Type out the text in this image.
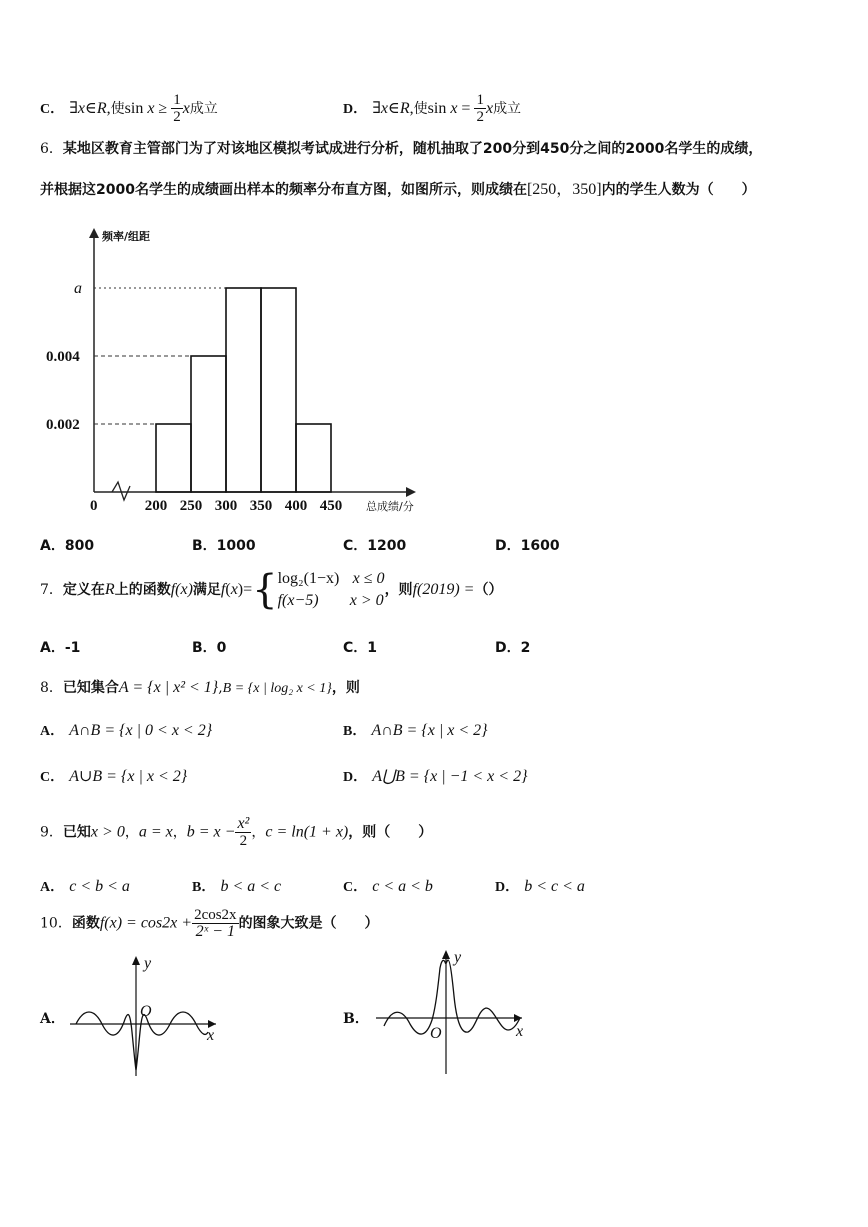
C． ∃x∈R,使$\sin x \ge \frac{1}{2}$ x成立	D． ∃x∈R,使$\sin x = \frac{1}{2}$ x成立
6．某地区教育主管部门为了对该地区模拟考试成进行分析，随机抽取了200分到450分之间的2000名学生的成绩，
并根据这2000名学生的成绩画出样本的频率分布直方图，如图所示，则成绩在[250，350]内的学生人数为（　　）
0.002
0.004
a
0	200 250 300 350 400 450
频率/组距
总成绩/分
A．800	B．1000	C．1200	D．1600
7．定义在R上的函数f(x)满足f(x)={log₂(1−x) x ≤ 0
f(x−5) x > 0，则f(2019) =（）
A．-1	B．0	C．1	D．2
8．已知集合A = {x | x² < 1},B = {x | log₂ x < 1}，则
A． A∩B = {x | 0 < x < 2}	B． A∩B = {x | x < 2}
C． A∪B = {x | x < 2}	D． A⋃B = {x | −1 < x < 2}
9．已知x > 0，a = x，$b = x - \frac{\text{x²}}{2}$ ，c = ln(1 + x)，则（　　）
A． c < b < a	B． b < a < c	C． c < a < b	D． b < c < a
10．函数$f(x) = \cos 2x + \frac{2\cos 2x}{\text{2ˣ − 1}}$ 的图象大致是（　　）
A．	O
y
x
B．
O
y
x
